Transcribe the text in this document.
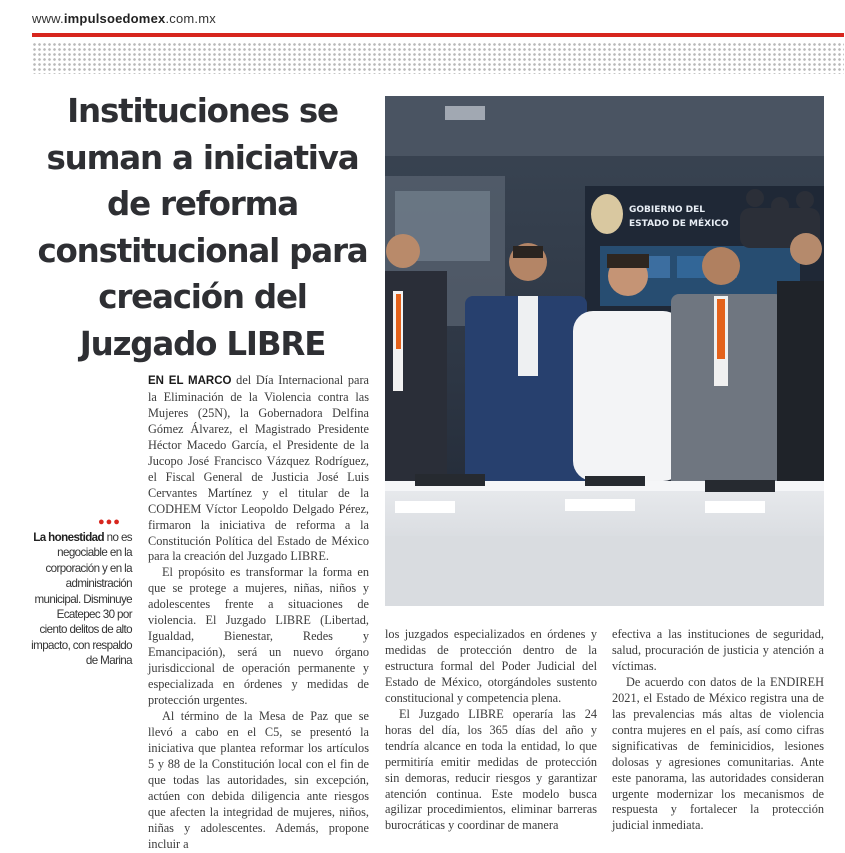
www.impulsoedomex.com.mx
Instituciones se suman a iniciativa de reforma constitucional para creación del Juzgado LIBRE
GOBIERNO DEL
ESTADO DE MÉXICO
●●●

La honestidad no es negociable en la corporación y en la administración municipal. Disminuye Ecatepec 30 por ciento delitos de alto impacto, con respaldo de Marina

EN EL MARCO del Día Internacional para la Eliminación de la Violencia contra las Mujeres (25N), la Gobernadora Delfina Gómez Álvarez, el Magistrado Presidente Héctor Macedo García, el Presidente de la Jucopo José Francisco Vázquez Rodríguez, el Fiscal General de Justicia José Luis Cervantes Martínez y el titular de la CODHEM Víctor Leopoldo Delgado Pérez, firmaron la iniciativa de reforma a la Constitución Política del Estado de México para la creación del Juzgado LIBRE.

El propósito es transformar la forma en que se protege a mujeres, niñas, niños y adolescentes frente a situaciones de violencia. El Juzgado LIBRE (Libertad, Igualdad, Bienestar, Redes y Emancipación), será un nuevo órgano jurisdiccional de operación permanente y especializada en órdenes y medidas de protección urgentes.

Al término de la Mesa de Paz que se llevó a cabo en el C5, se presentó la iniciativa que plantea reformar los artículos 5 y 88 de la Constitución local con el fin de que todas las autoridades, sin excepción, actúen con debida diligencia ante riesgos que afecten la integridad de mujeres, niños, niñas y adolescentes. Además, propone incluir a

los juzgados especializados en órdenes y medidas de protección dentro de la estructura formal del Poder Judicial del Estado de México, otorgándoles sustento constitucional y competencia plena.

El Juzgado LIBRE operaría las 24 horas del día, los 365 días del año y tendría alcance en toda la entidad, lo que permitiría emitir medidas de protección sin demoras, reducir riesgos y garantizar atención continua. Este modelo busca agilizar procedimientos, eliminar barreras burocráticas y coordinar de manera

efectiva a las instituciones de seguridad, salud, procuración de justicia y atención a víctimas.

De acuerdo con datos de la ENDIREH 2021, el Estado de México registra una de las prevalencias más altas de violencia contra mujeres en el país, así como cifras significativas de feminicidios, lesiones dolosas y agresiones comunitarias. Ante este panorama, las autoridades consideran urgente modernizar los mecanismos de respuesta y fortalecer la protección judicial inmediata.
